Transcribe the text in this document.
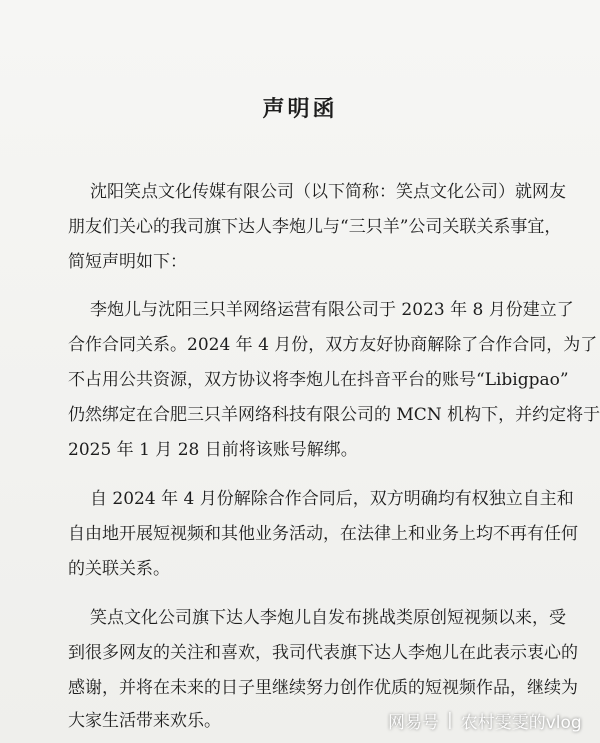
声明函
沈阳笑点文化传媒有限公司（以下简称：笑点文化公司）就网友
朋友们关心的我司旗下达人李炮儿与“三只羊”公司关联关系事宜，
简短声明如下：
李炮儿与沈阳三只羊网络运营有限公司于 2023 年 8 月份建立了
合作合同关系。2024 年 4 月份，双方友好协商解除了合作合同，为了
不占用公共资源，双方协议将李炮儿在抖音平台的账号“Libigpao”
仍然绑定在合肥三只羊网络科技有限公司的 MCN 机构下，并约定将于
2025 年 1 月 28 日前将该账号解绑。
自 2024 年 4 月份解除合作合同后，双方明确均有权独立自主和
自由地开展短视频和其他业务活动，在法律上和业务上均不再有任何
的关联关系。
笑点文化公司旗下达人李炮儿自发布挑战类原创短视频以来，受
到很多网友的关注和喜欢，我司代表旗下达人李炮儿在此表示衷心的
感谢，并将在未来的日子里继续努力创作优质的短视频作品，继续为
大家生活带来欢乐。	网易号 | 农村雯雯的vlog
